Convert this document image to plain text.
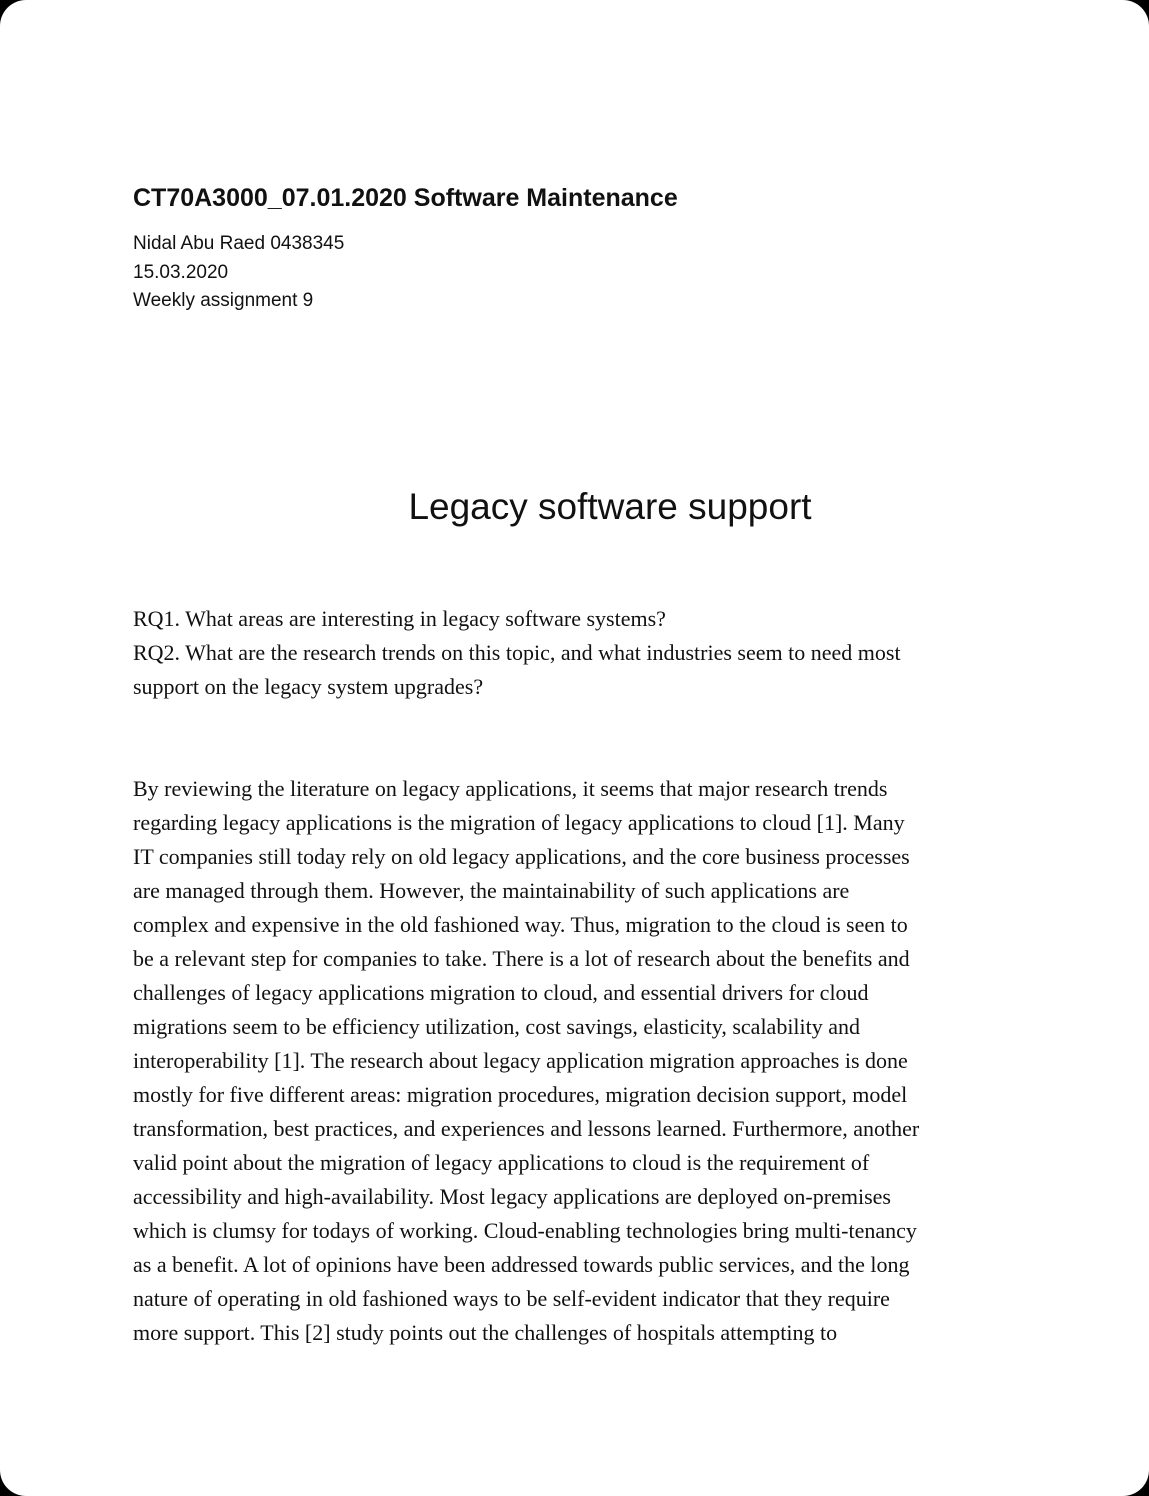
CT70A3000_07.01.2020 Software Maintenance
Nidal Abu Raed 0438345
15.03.2020
Weekly assignment 9
Legacy software support
RQ1. What areas are interesting in legacy software systems?
RQ2. What are the research trends on this topic, and what industries seem to need most
support on the legacy system upgrades?
By reviewing the literature on legacy applications, it seems that major research trends
regarding legacy applications is the migration of legacy applications to cloud [1]. Many
IT companies still today rely on old legacy applications, and the core business processes
are managed through them. However, the maintainability of such applications are
complex and expensive in the old fashioned way. Thus, migration to the cloud is seen to
be a relevant step for companies to take. There is a lot of research about the benefits and
challenges of legacy applications migration to cloud, and essential drivers for cloud
migrations seem to be efficiency utilization, cost savings, elasticity, scalability and
interoperability [1]. The research about legacy application migration approaches is done
mostly for five different areas: migration procedures, migration decision support, model
transformation, best practices, and experiences and lessons learned. Furthermore, another
valid point about the migration of legacy applications to cloud is the requirement of
accessibility and high-availability. Most legacy applications are deployed on-premises
which is clumsy for todays of working. Cloud-enabling technologies bring multi-tenancy
as a benefit. A lot of opinions have been addressed towards public services, and the long
nature of operating in old fashioned ways to be self-evident indicator that they require
more support. This [2] study points out the challenges of hospitals attempting to
